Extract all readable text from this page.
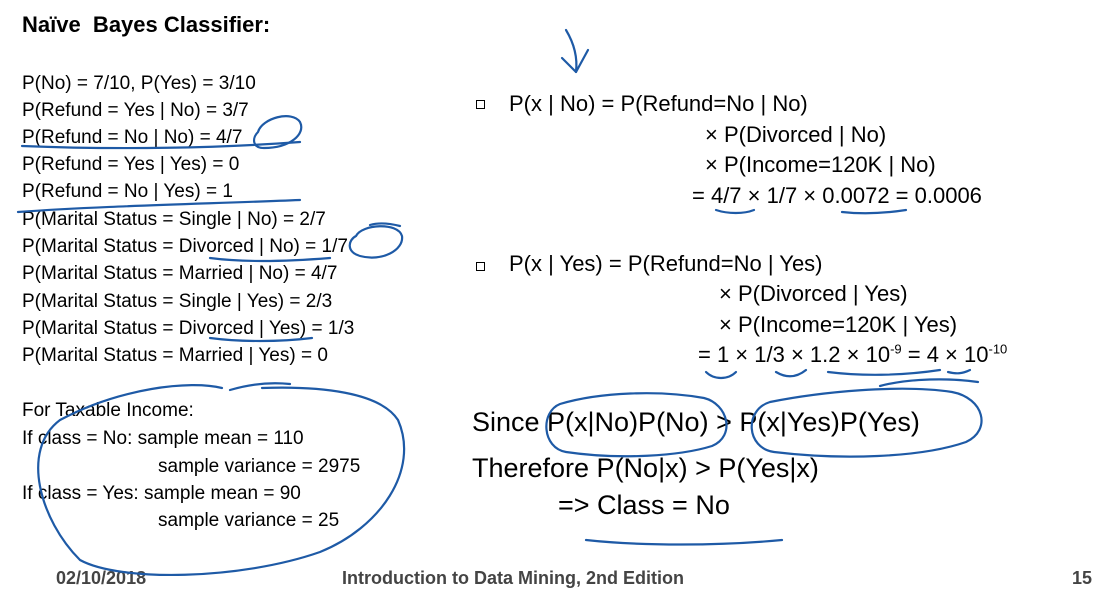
Naïve  Bayes Classifier:
P(No) = 7/10, P(Yes) = 3/10
P(Refund = Yes | No) = 3/7
P(Refund = No | No) = 4/7
P(Refund = Yes | Yes) = 0
P(Refund = No | Yes) = 1
P(Marital Status = Single | No) = 2/7
P(Marital Status = Divorced | No) = 1/7
P(Marital Status = Married | No) = 4/7
P(Marital Status = Single | Yes) = 2/3
P(Marital Status = Divorced | Yes) = 1/3
P(Marital Status = Married | Yes) = 0
For Taxable Income:
If class = No: sample mean = 110
sample variance = 2975
If class = Yes: sample mean = 90
sample variance = 25
P(x | No) = P(Refund=No | No)
× P(Divorced | No)
× P(Income=120K | No)
= 4/7 × 1/7 × 0.0072 = 0.0006
P(x | Yes) = P(Refund=No | Yes)
× P(Divorced | Yes)
× P(Income=120K | Yes)
= $1 \times 1/3 \times 1.2 \times 10^{-9} = 4 \times 10^{-10}$
Since P(x|No)P(No) > P(x|Yes)P(Yes)
Therefore P(No|x) > P(Yes|x)
=> Class = No
02/10/2018	Introduction to Data Mining, 2nd Edition	15
